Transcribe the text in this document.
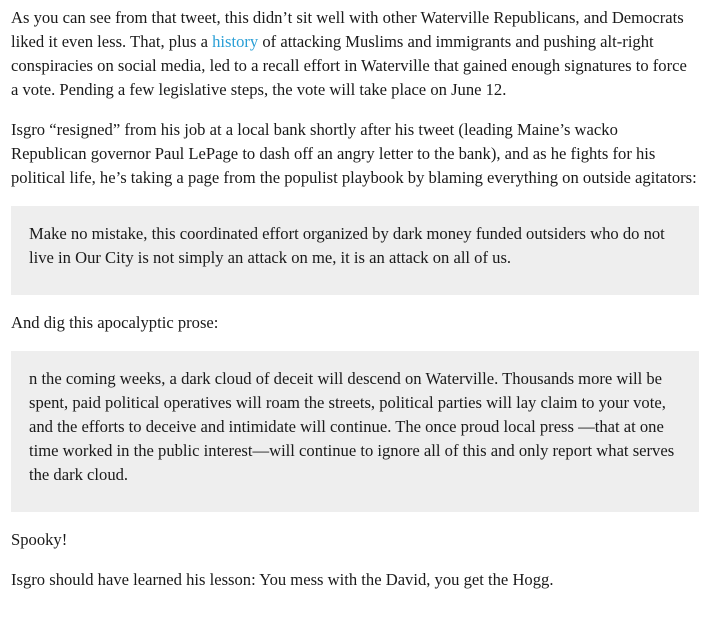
As you can see from that tweet, this didn’t sit well with other Waterville Republicans, and Democrats liked it even less. That, plus a history of attacking Muslims and immigrants and pushing alt-right conspiracies on social media, led to a recall effort in Waterville that gained enough signatures to force a vote. Pending a few legislative steps, the vote will take place on June 12.

Isgro “resigned” from his job at a local bank shortly after his tweet (leading Maine’s wacko Republican governor Paul LePage to dash off an angry letter to the bank), and as he fights for his political life, he’s taking a page from the populist playbook by blaming everything on outside agitators:

Make no mistake, this coordinated effort organized by dark money funded outsiders who do not live in Our City is not simply an attack on me, it is an attack on all of us.

And dig this apocalyptic prose:

n the coming weeks, a dark cloud of deceit will descend on Waterville. Thousands more will be spent, paid political operatives will roam the streets, political parties will lay claim to your vote, and the efforts to deceive and intimidate will continue. The once proud local press —that at one time worked in the public interest—will continue to ignore all of this and only report what serves the dark cloud.

Spooky!

Isgro should have learned his lesson: You mess with the David, you get the Hogg.
